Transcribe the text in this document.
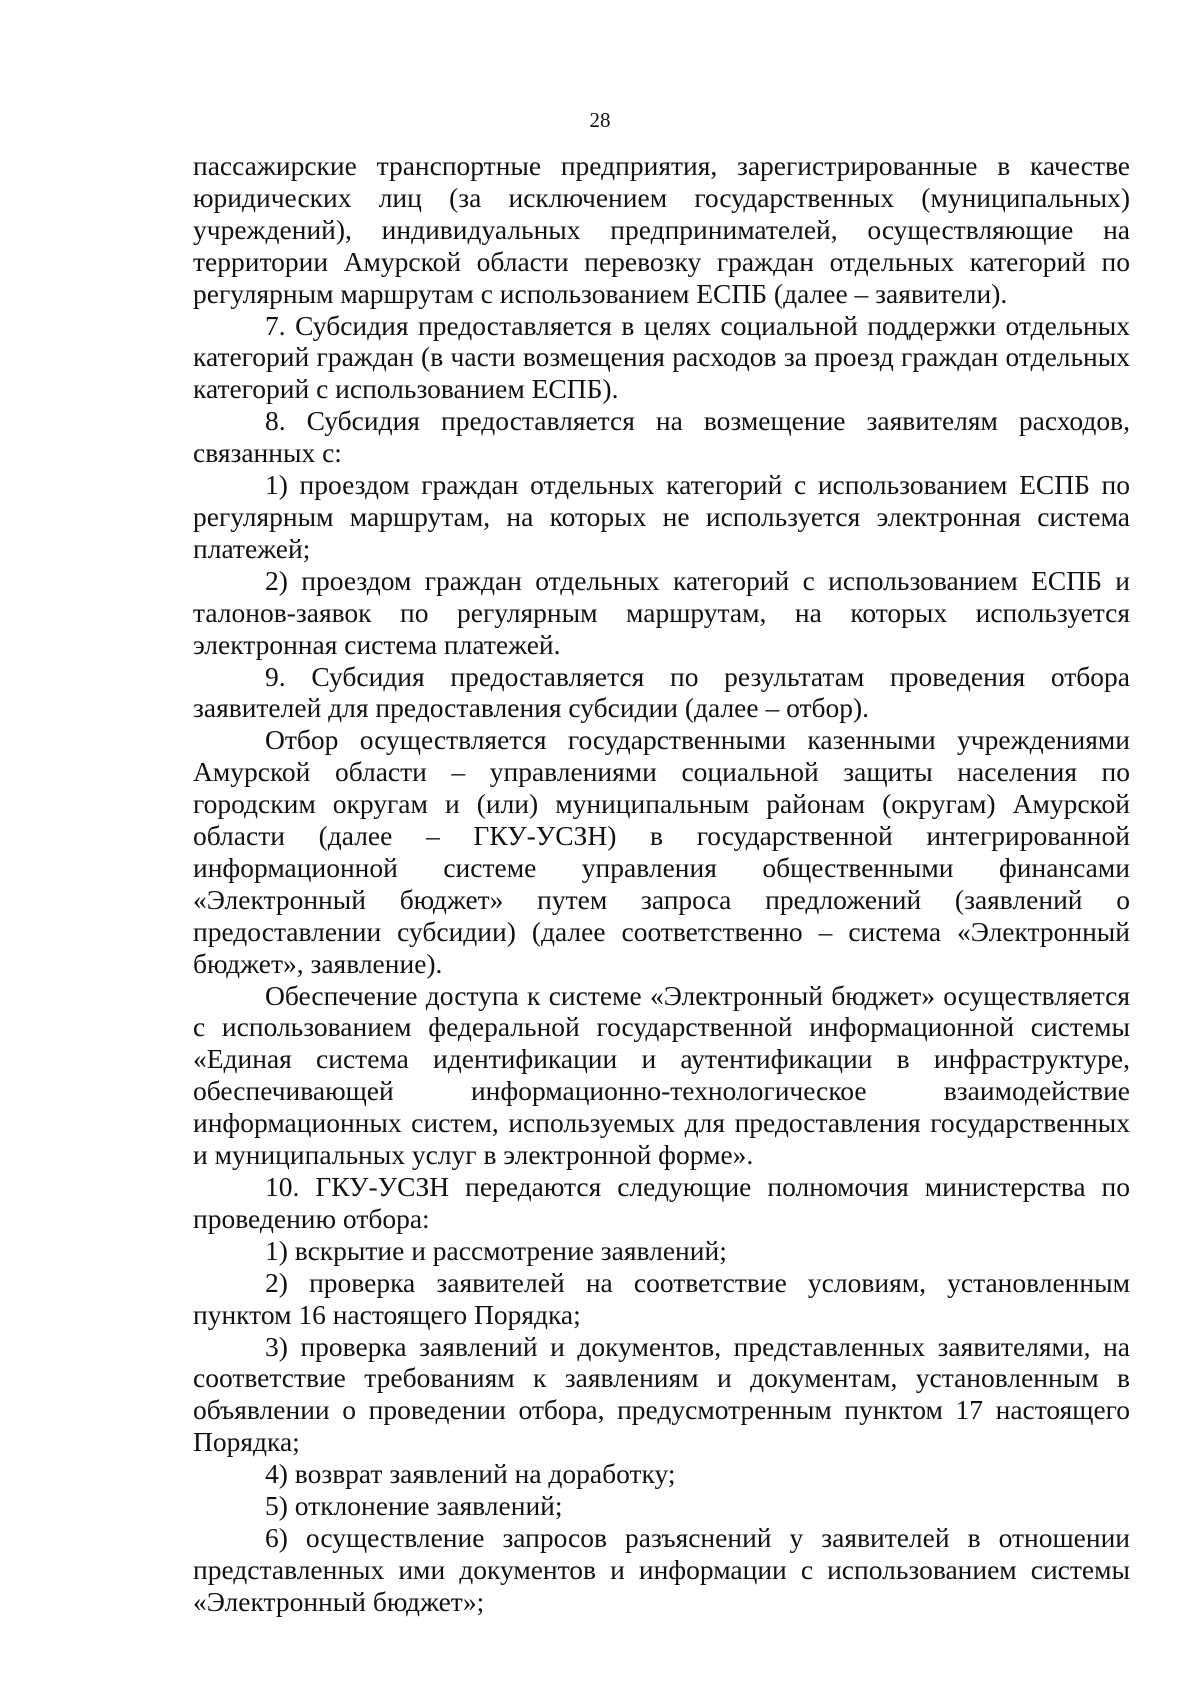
28

пассажирские транспортные предприятия, зарегистрированные в качестве юридических лиц (за исключением государственных (муниципальных) учреждений), индивидуальных предпринимателей, осуществляющие на территории Амурской области перевозку граждан отдельных категорий по регулярным маршрутам с использованием ЕСПБ (далее – заявители).

7. Субсидия предоставляется в целях социальной поддержки отдельных категорий граждан (в части возмещения расходов за проезд граждан отдельных категорий с использованием ЕСПБ).

8. Субсидия предоставляется на возмещение заявителям расходов, связанных с:

1) проездом граждан отдельных категорий с использованием ЕСПБ по регулярным маршрутам, на которых не используется электронная система платежей;

2) проездом граждан отдельных категорий с использованием ЕСПБ и талонов-заявок по регулярным маршрутам, на которых используется электронная система платежей.

9. Субсидия предоставляется по результатам проведения отбора заявителей для предоставления субсидии (далее – отбор).

Отбор осуществляется государственными казенными учреждениями Амурской области – управлениями социальной защиты населения по городским округам и (или) муниципальным районам (округам) Амурской области (далее – ГКУ-УСЗН) в государственной интегрированной информационной системе управления общественными финансами «Электронный бюджет» путем запроса предложений (заявлений о предоставлении субсидии) (далее соответственно – система «Электронный бюджет», заявление).

Обеспечение доступа к системе «Электронный бюджет» осуществляется с использованием федеральной государственной информационной системы «Единая система идентификации и аутентификации в инфраструктуре, обеспечивающей информационно-технологическое взаимодействие информационных систем, используемых для предоставления государственных и муниципальных услуг в электронной форме».

10. ГКУ-УСЗН передаются следующие полномочия министерства по проведению отбора:

1) вскрытие и рассмотрение заявлений;

2) проверка заявителей на соответствие условиям, установленным пунктом 16 настоящего Порядка;

3) проверка заявлений и документов, представленных заявителями, на соответствие требованиям к заявлениям и документам, установленным в объявлении о проведении отбора, предусмотренным пунктом 17 настоящего Порядка;

4) возврат заявлений на доработку;

5) отклонение заявлений;

6) осуществление запросов разъяснений у заявителей в отношении представленных ими документов и информации с использованием системы «Электронный бюджет»;
